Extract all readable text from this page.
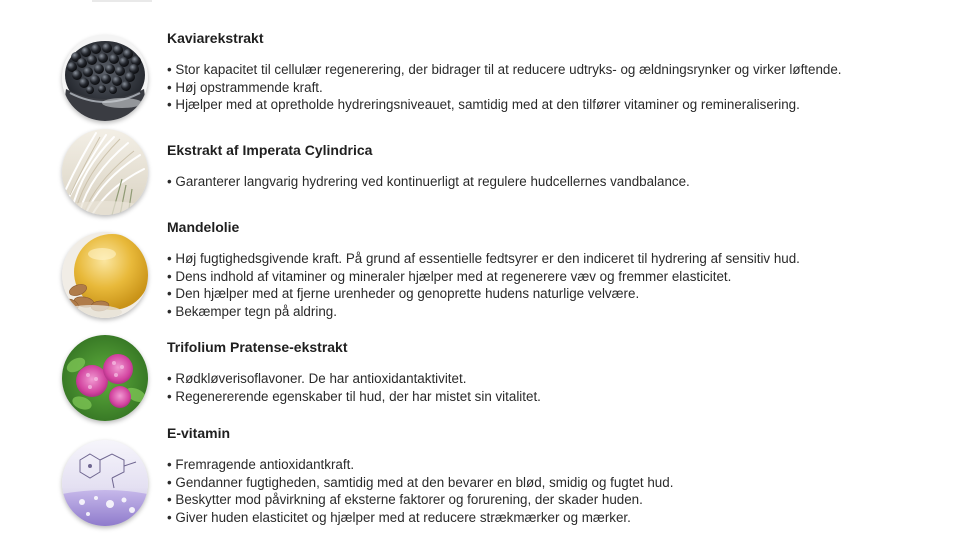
Kaviarekstrakt
• Stor kapacitet til cellulær regenerering, der bidrager til at reducere udtryks- og ældningsrynker og virker løftende.
• Høj opstrammende kraft.
• Hjælper med at opretholde hydreringsniveauet, samtidig med at den tilfører vitaminer og remineralisering.
Ekstrakt af Imperata Cylindrica
• Garanterer langvarig hydrering ved kontinuerligt at regulere hudcellernes vandbalance.
Mandelolie
• Høj fugtighedsgivende kraft. På grund af essentielle fedtsyrer er den indiceret til hydrering af sensitiv hud.
• Dens indhold af vitaminer og mineraler hjælper med at regenerere væv og fremmer elasticitet.
• Den hjælper med at fjerne urenheder og genoprette hudens naturlige velvære.
• Bekæmper tegn på aldring.
Trifolium Pratense-ekstrakt
• Rødkløverisoflavoner. De har antioxidantaktivitet.
• Regenererende egenskaber til hud, der har mistet sin vitalitet.
E-vitamin
• Fremragende antioxidantkraft.
• Gendanner fugtigheden, samtidig med at den bevarer en blød, smidig og fugtet hud.
• Beskytter mod påvirkning af eksterne faktorer og forurening, der skader huden.
• Giver huden elasticitet og hjælper med at reducere strækmærker og mærker.
